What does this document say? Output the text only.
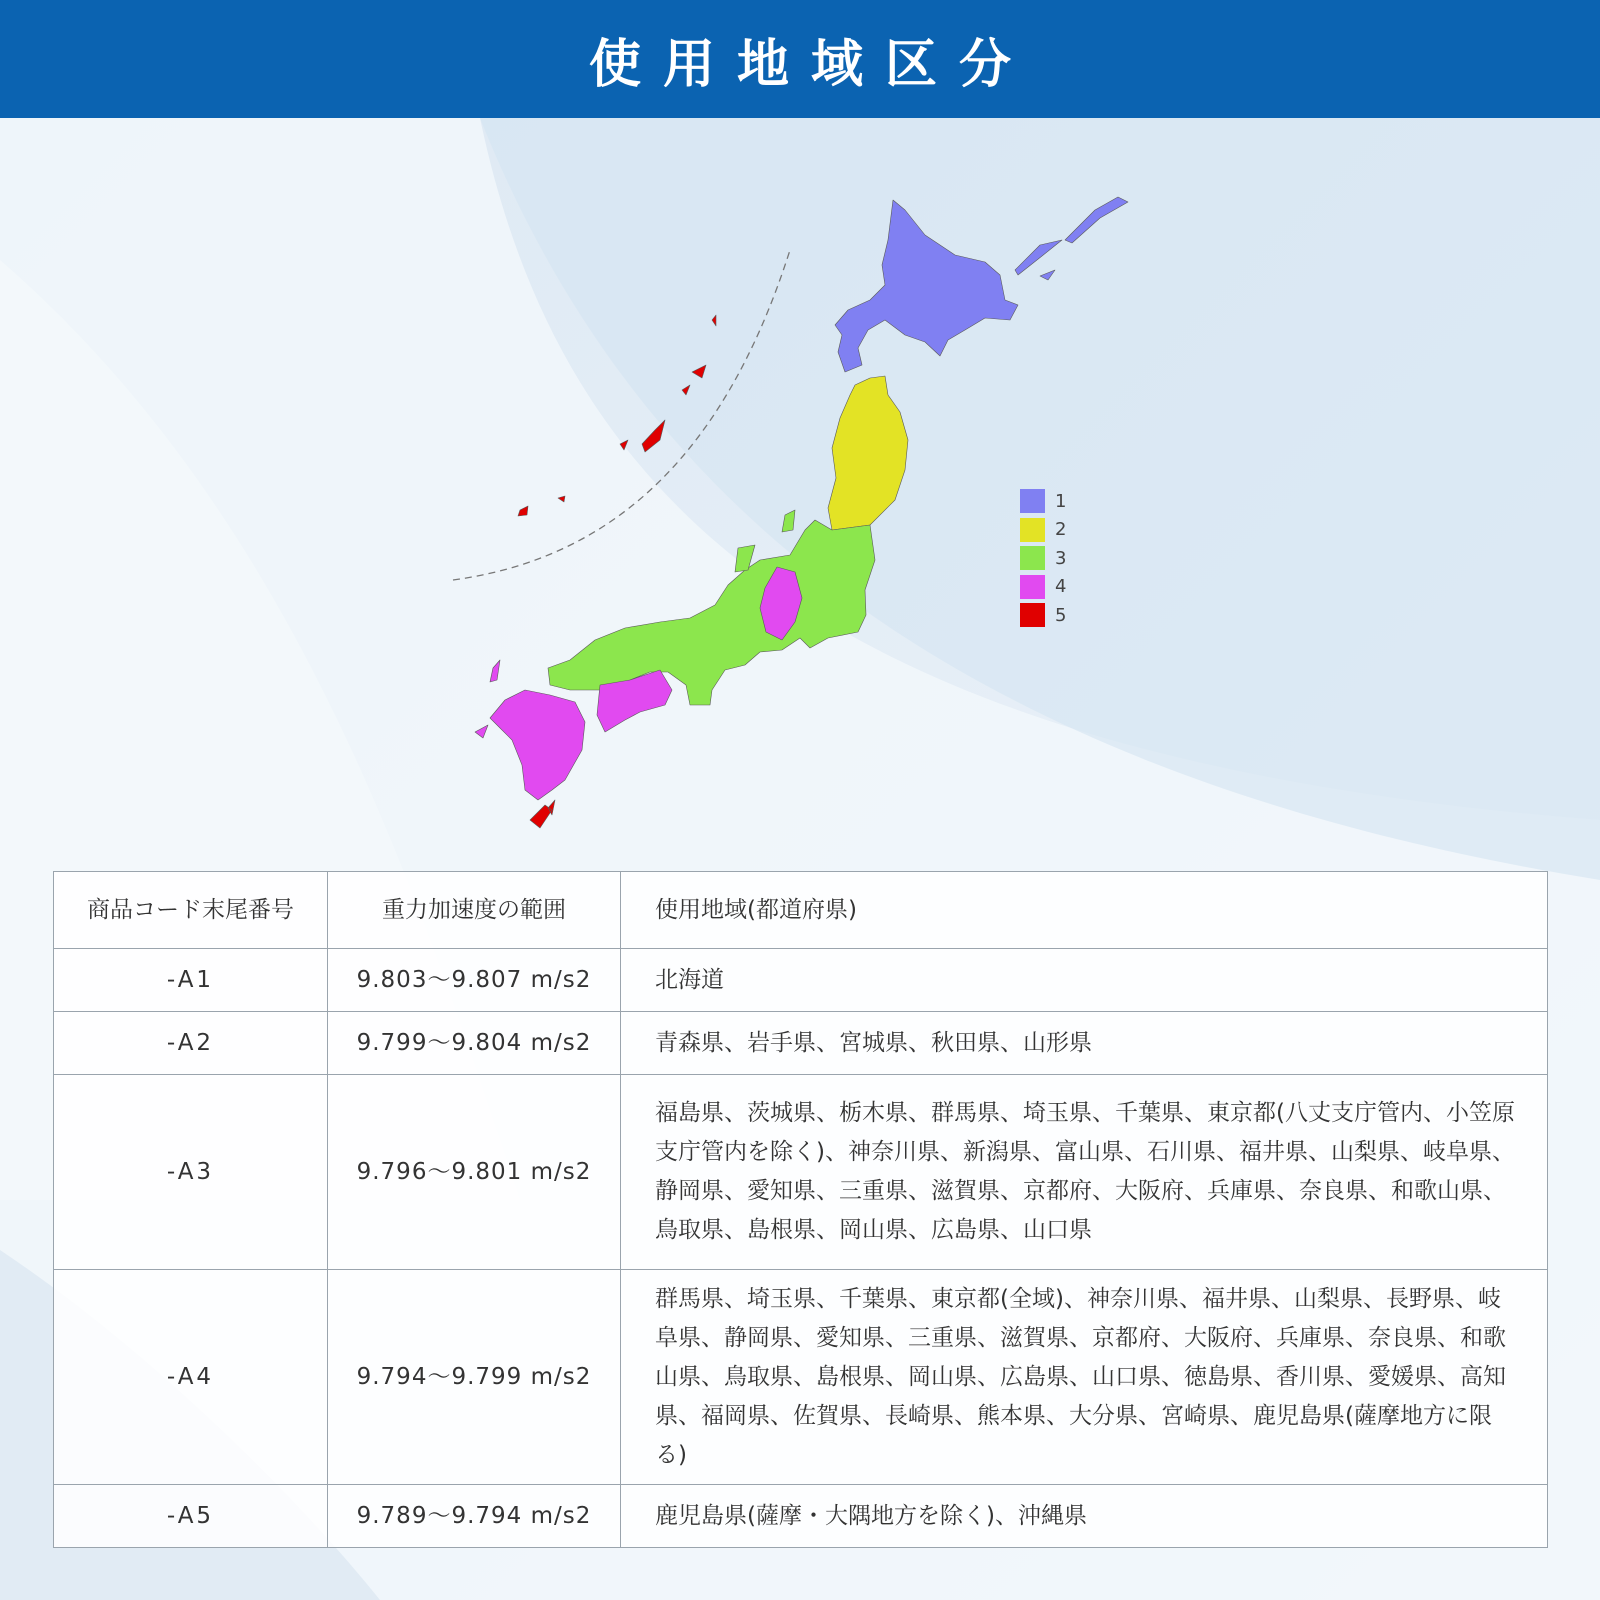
使用地域区分
1
2
3
4
5
商品コード末尾番号	重力加速度の範囲	使用地域(都道府県)
-A1	9.803〜9.807 m/s2	北海道
-A2	9.799〜9.804 m/s2	青森県、岩手県、宮城県、秋田県、山形県
-A3	9.796〜9.801 m/s2	福島県、茨城県、栃木県、群馬県、埼玉県、千葉県、東京都(八丈支庁管内、小笠原支庁管内を除く)、神奈川県、新潟県、富山県、石川県、福井県、山梨県、岐阜県、静岡県、愛知県、三重県、滋賀県、京都府、大阪府、兵庫県、奈良県、和歌山県、鳥取県、島根県、岡山県、広島県、山口県
-A4	9.794〜9.799 m/s2	群馬県、埼玉県、千葉県、東京都(全域)、神奈川県、福井県、山梨県、長野県、岐阜県、静岡県、愛知県、三重県、滋賀県、京都府、大阪府、兵庫県、奈良県、和歌山県、鳥取県、島根県、岡山県、広島県、山口県、徳島県、香川県、愛媛県、高知県、福岡県、佐賀県、長崎県、熊本県、大分県、宮崎県、鹿児島県(薩摩地方に限る)
-A5	9.789〜9.794 m/s2	鹿児島県(薩摩・大隅地方を除く)、沖縄県
